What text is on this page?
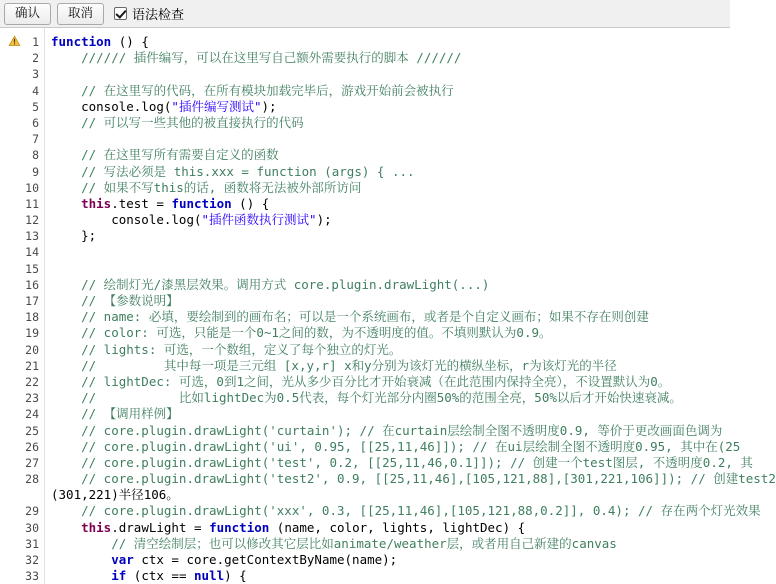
确认	取消	语法检查
1
2
3
4
5
6
7
8
9
10
11
12
13
14
15
16
17
18
19
20
21
22
23
24
25
26
27
28
29
30
31
32
33
function () {
////// 插件编写，可以在这里写自己额外需要执行的脚本 //////

// 在这里写的代码，在所有模块加载完毕后，游戏开始前会被执行
console.log("插件编写测试");
// 可以写一些其他的被直接执行的代码

// 在这里写所有需要自定义的函数
// 写法必须是 this.xxx = function (args) { ...
// 如果不写this的话, 函数将无法被外部所访问
this.test = function () {
console.log("插件函数执行测试");
};

// 绘制灯光/漆黑层效果。调用方式 core.plugin.drawLight(...)
// 【参数说明】
// name: 必填，要绘制到的画布名；可以是一个系统画布，或者是个自定义画布；如果不存在则创建
// color: 可选，只能是一个0~1之间的数，为不透明度的值。不填则默认为0.9。
// lights: 可选，一个数组，定义了每个独立的灯光。
//         其中每一项是三元组 [x,y,r] x和y分别为该灯光的横纵坐标，r为该灯光的半径
// lightDec: 可选，0到1之间，光从多少百分比才开始衰减（在此范围内保持全亮），不设置默认为0。
//           比如lightDec为0.5代表，每个灯光部分内圈50%的范围全亮，50%以后才开始快速衰减。
// 【调用样例】
// core.plugin.drawLight('curtain'); // 在curtain层绘制全图不透明度0.9, 等价于更改画面色调为
// core.plugin.drawLight('ui', 0.95, [[25,11,46]]); // 在ui层绘制全图不透明度0.95, 其中在(25
// core.plugin.drawLight('test', 0.2, [[25,11,46,0.1]]); // 创建一个test图层, 不透明度0.2, 其
// core.plugin.drawLight('test2', 0.9, [[25,11,46],[105,121,88],[301,221,106]]); // 创建test2
(301,221)半径106。
// core.plugin.drawLight('xxx', 0.3, [[25,11,46],[105,121,88,0.2]], 0.4); // 存在两个灯光效果
this.drawLight = function (name, color, lights, lightDec) {
// 清空绘制层；也可以修改其它层比如animate/weather层，或者用自己新建的canvas
var ctx = core.getContextByName(name);
if (ctx == null) {
